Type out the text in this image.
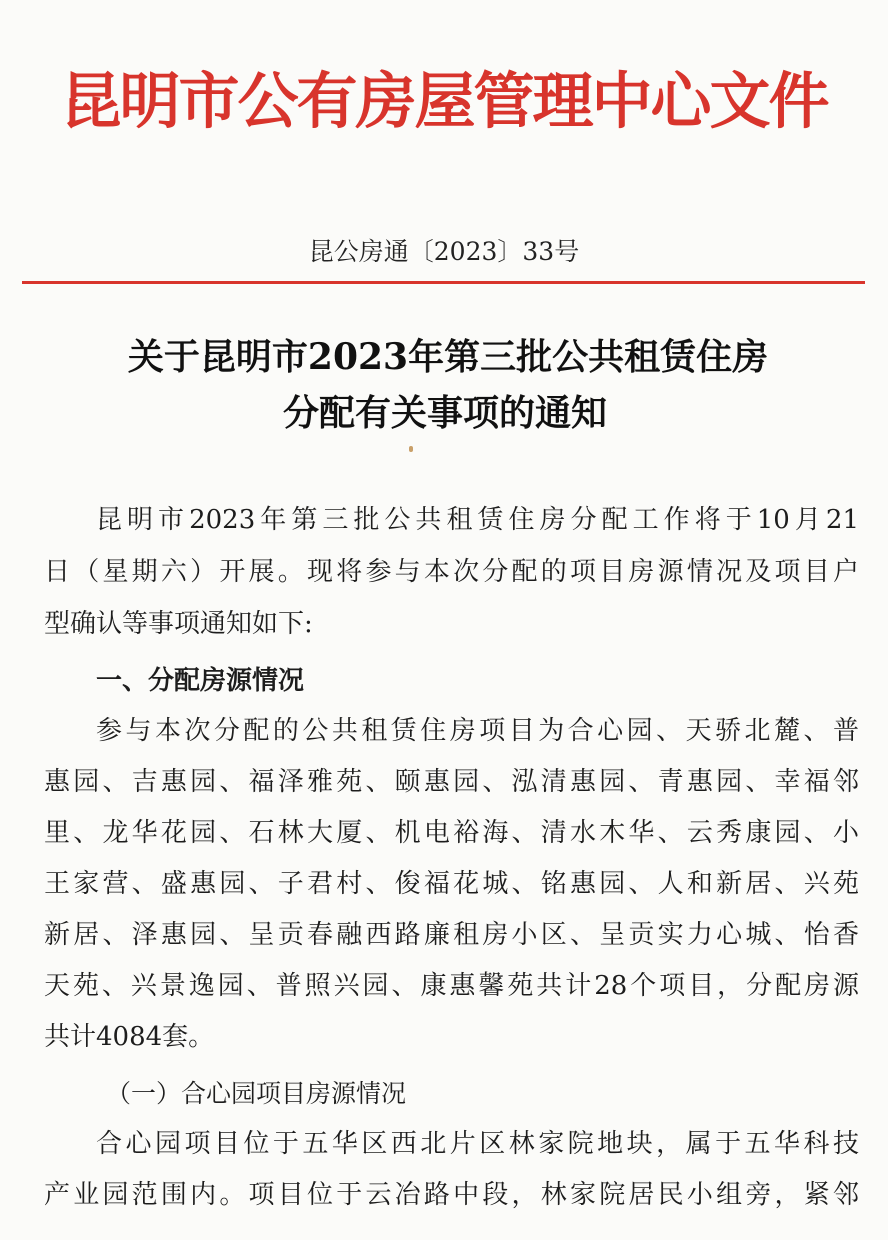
昆明市公有房屋管理中心文件
昆公房通〔2023〕33号
关于昆明市2023年第三批公共租赁住房
分配有关事项的通知
昆明市2023年第三批公共租赁住房分配工作将于10月21
日（星期六）开展。现将参与本次分配的项目房源情况及项目户
型确认等事项通知如下:
一、分配房源情况
参与本次分配的公共租赁住房项目为合心园、天骄北麓、普
惠园、吉惠园、福泽雅苑、颐惠园、泓清惠园、青惠园、幸福邻
里、龙华花园、石林大厦、机电裕海、清水木华、云秀康园、小
王家营、盛惠园、子君村、俊福花城、铭惠园、人和新居、兴苑
新居、泽惠园、呈贡春融西路廉租房小区、呈贡实力心城、怡香
天苑、兴景逸园、普照兴园、康惠馨苑共计28个项目，分配房源
共计4084套。
（一）合心园项目房源情况
合心园项目位于五华区西北片区林家院地块，属于五华科技
产业园范围内。项目位于云冶路中段，林家院居民小组旁，紧邻
